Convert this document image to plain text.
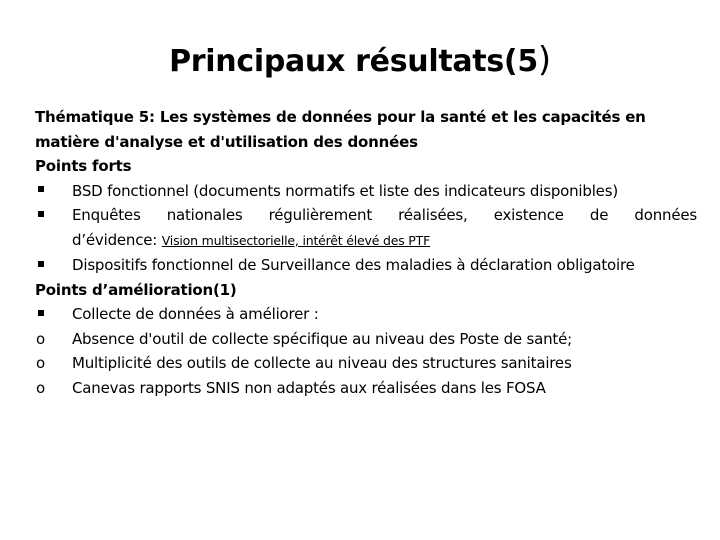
Principaux résultats(5)
Thématique 5: Les systèmes de données pour la santé et les capacités en
matière d'analyse et d'utilisation des données
Points forts
BSD fonctionnel (documents normatifs et liste des indicateurs disponibles)
Enquêtes nationales régulièrement réalisées, existence de données
d’évidence: Vision multisectorielle, intérêt élevé des PTF
Dispositifs fonctionnel de Surveillance des maladies à déclaration obligatoire
Points d’amélioration(1)
Collecte de données à améliorer :
o	Absence d'outil de collecte spécifique au niveau des Poste de santé;
o	Multiplicité des outils de collecte au niveau des structures sanitaires
o	Canevas rapports SNIS non adaptés aux réalisées dans les FOSA
